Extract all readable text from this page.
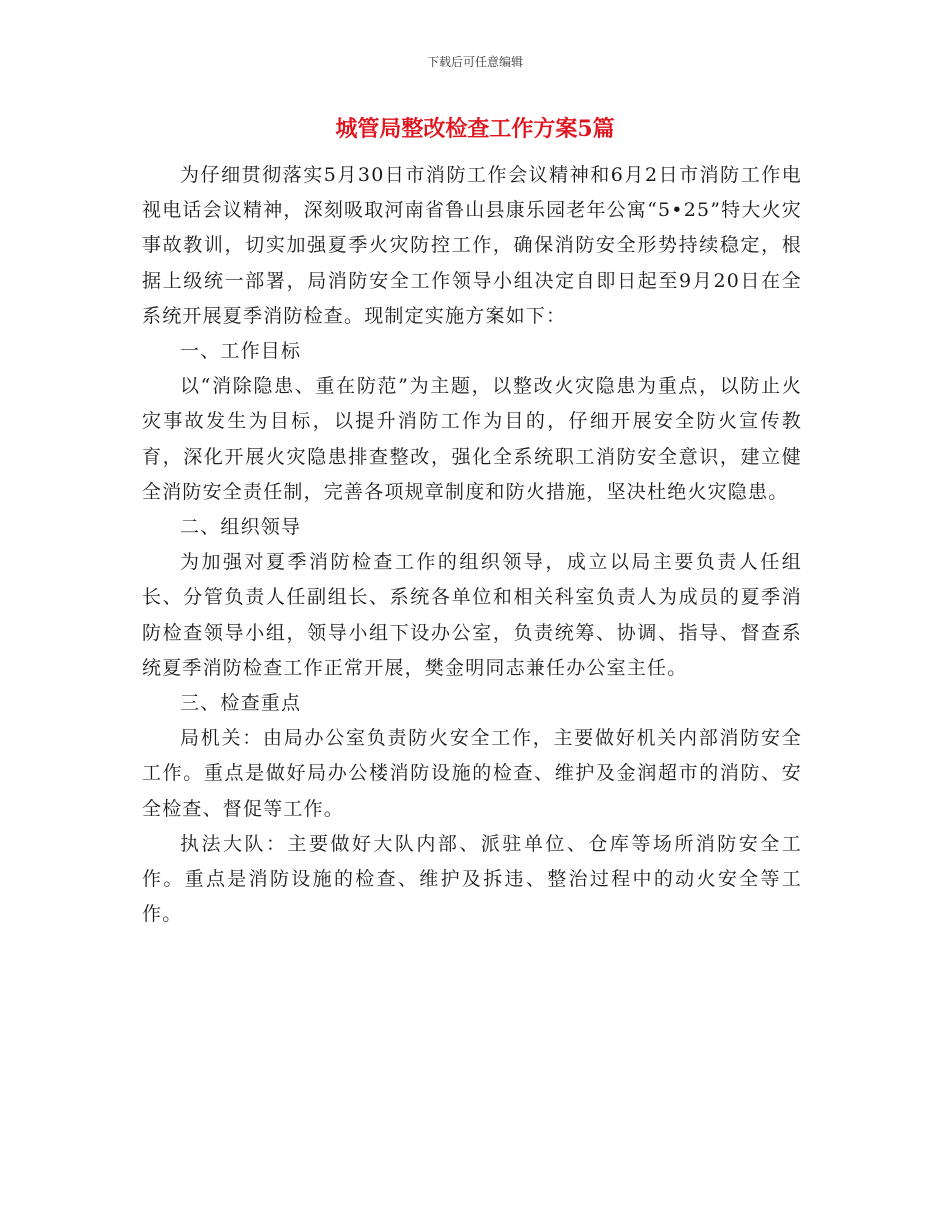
下载后可任意编辑
城管局整改检查工作方案5篇

为仔细贯彻落实5月30日市消防工作会议精神和6月2日市消防工作电视电话会议精神，深刻吸取河南省鲁山县康乐园老年公寓“5•25”特大火灾事故教训，切实加强夏季火灾防控工作，确保消防安全形势持续稳定，根据上级统一部署，局消防安全工作领导小组决定自即日起至9月20日在全系统开展夏季消防检查。现制定实施方案如下：

一、工作目标

以“消除隐患、重在防范”为主题，以整改火灾隐患为重点，以防止火灾事故发生为目标，以提升消防工作为目的，仔细开展安全防火宣传教育，深化开展火灾隐患排查整改，强化全系统职工消防安全意识，建立健全消防安全责任制，完善各项规章制度和防火措施，坚决杜绝火灾隐患。

二、组织领导

为加强对夏季消防检查工作的组织领导，成立以局主要负责人任组长、分管负责人任副组长、系统各单位和相关科室负责人为成员的夏季消防检查领导小组，领导小组下设办公室，负责统筹、协调、指导、督查系统夏季消防检查工作正常开展，樊金明同志兼任办公室主任。

三、检查重点

局机关：由局办公室负责防火安全工作，主要做好机关内部消防安全工作。重点是做好局办公楼消防设施的检查、维护及金润超市的消防、安全检查、督促等工作。

执法大队：主要做好大队内部、派驻单位、仓库等场所消防安全工作。重点是消防设施的检查、维护及拆违、整治过程中的动火安全等工作。
